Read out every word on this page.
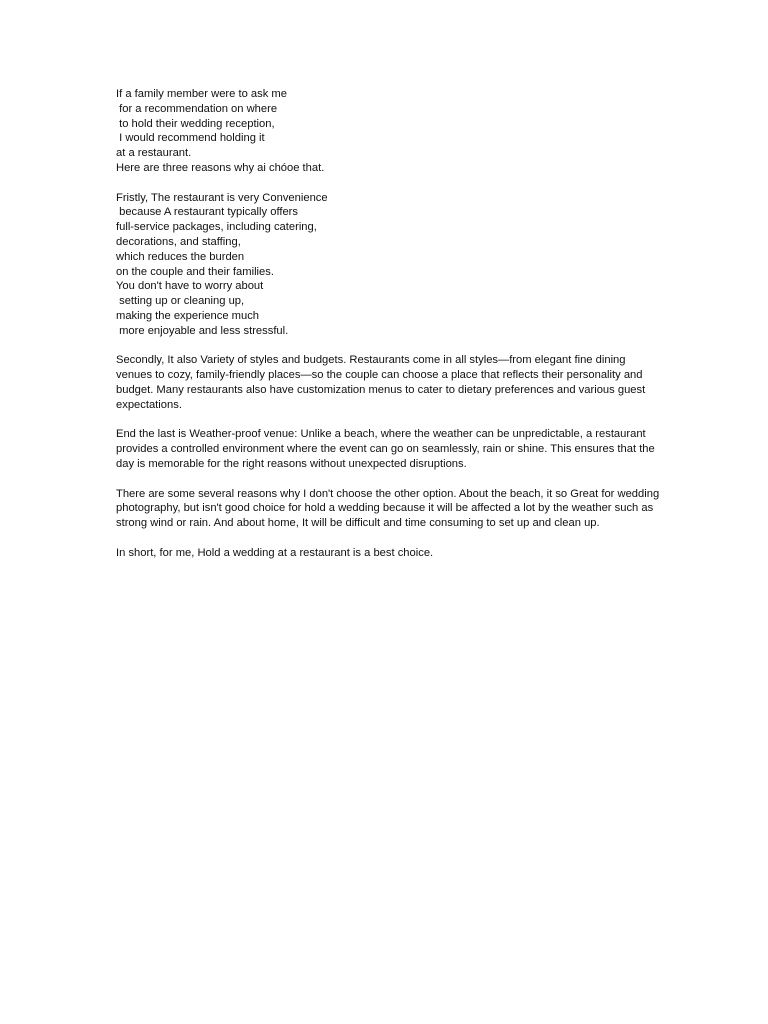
If a family member were to ask me
for a recommendation on where
to hold their wedding reception,
I would recommend holding it
at a restaurant.
Here are three reasons why ai chóoe that.
Fristly, The restaurant is very Convenience
because A restaurant typically offers
full-service packages, including catering,
decorations, and staffing,
which reduces the burden
on the couple and their families.
You don't have to worry about
setting up or cleaning up,
making the experience much
more enjoyable and less stressful.
Secondly, It also Variety of styles and budgets. Restaurants come in all styles—from elegant fine dining venues to cozy, family-friendly places—so the couple can choose a place that reflects their personality and budget. Many restaurants also have customization menus to cater to dietary preferences and various guest expectations.
End the last is Weather-proof venue: Unlike a beach, where the weather can be unpredictable, a restaurant provides a controlled environment where the event can go on seamlessly, rain or shine. This ensures that the day is memorable for the right reasons without unexpected disruptions.
There are some several reasons why I don't choose the other option. About the beach, it so Great for wedding photography, but isn't good choice for hold a wedding because it will be affected a lot by the weather such as strong wind or rain. And about home, It will be difficult and time consuming to set up and clean up.
In short, for me, Hold a wedding at a restaurant is a best choice.
